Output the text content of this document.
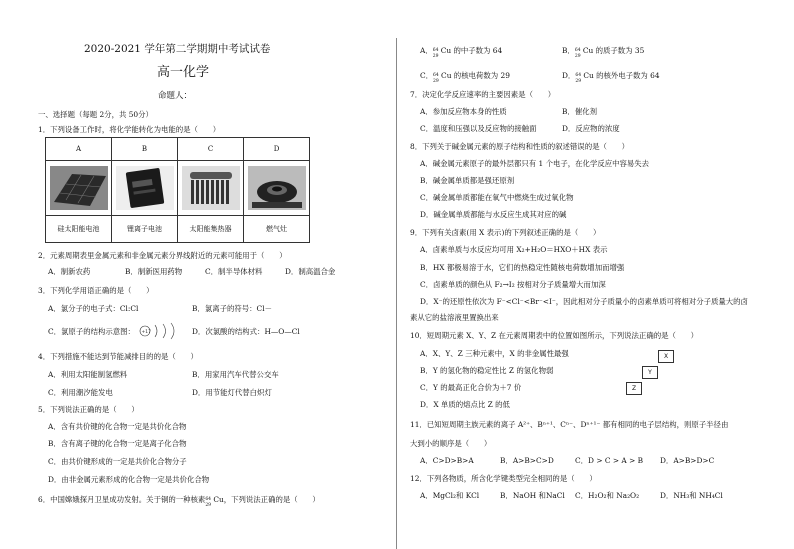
2020-2021 学年第二学期期中考试试卷
高一化学
命题人：
一、选择题（每题 2分，共 50分）
1．下列设备工作时，将化学能转化为电能的是（　　）
A	B	C	D

硅太阳能电池	锂离子电池	太阳能集热器	燃气灶
2．元素周期表里金属元素和非金属元素分界线附近的元素可能用于（　　）
A．制新农药	B．制新医用药物	C．制半导体材料	D．制高温合金
3．下列化学用语正确的是（　　）
A．氯分子的电子式：Cl:Cl	B．氯离子的符号：Cl－
C．氯原子的结构示意图： +17	D．次氯酸的结构式：H—O—Cl
4．下列措施不能达到节能减排目的的是（　　）
A．利用太阳能制氢燃料	B．用家用汽车代替公交车
C．利用潮汐能发电	D．用节能灯代替白炽灯
5．下列说法正确的是（　　）
A．含有共价键的化合物一定是共价化合物
B．含有离子键的化合物一定是离子化合物
C．由共价键形成的一定是共价化合物分子
D．由非金属元素形成的化合物一定是共价化合物
6．中国嫦娥探月卫星成功发射。关于铜的一种核素 64
29
Cu，下列说法正确的是（　　）
A． 64
29
Cu 的中子数为 64	B． 64
29
Cu 的质子数为 35
C． 64
29
Cu 的核电荷数为 29	D． 64
29
Cu 的核外电子数为 64
7．决定化学反应速率的主要因素是（　　）
A．参加反应物本身的性质	B．催化剂
C．温度和压强以及反应物的接触面	D．反应物的浓度
8．下列关于碱金属元素的原子结构和性质的叙述错误的是（　　）
A．碱金属元素原子的最外层都只有 1 个电子，在化学反应中容易失去
B．碱金属单质都是强还原剂
C．碱金属单质都能在氧气中燃烧生成过氧化物
D．碱金属单质都能与水反应生成其对应的碱
9．下列有关卤素(用 X 表示)的下列叙述正确的是（　　）
A．卤素单质与水反应均可用 X₂+H₂O＝HXO＋HX 表示
B．HX 都极易溶于水，它们的热稳定性随核电荷数增加而增强
C．卤素单质的颜色从 F₂→I₂ 按相对分子质量增大而加深
D．X⁻的还原性依次为 F⁻<Cl⁻<Br⁻<I⁻，因此相对分子质量小的卤素单质可将相对分子质量大的卤
素从它的盐溶液里置换出来
10．短周期元素 X、Y、Z 在元素周期表中的位置如图所示，下列说法正确的是（　　）
A．X、Y、Z 三种元素中，X 的非金属性最强
B．Y 的氢化物的稳定性比 Z 的氢化物弱
C．Y 的最高正化合价为＋7 价
D．X 单质的熔点比 Z 的低
X
Y
Z
11．已知短周期主族元素的离子 A²⁺、Bⁿ⁺¹、Cⁿ⁻、Dⁿ⁺¹⁻ 都有相同的电子层结构，则原子半径由
大到小的顺序是（　　）
A．C>D>B>A	B．A>B>C>D	C．D > C > A > B D．A>B>D>C
12．下列各物质，所含化学键类型完全相同的是（　　）
A．MgCl₂和 KCl	B．NaOH 和NaCl C．H₂O₂和 Na₂O₂	D．NH₃和 NH₄Cl
